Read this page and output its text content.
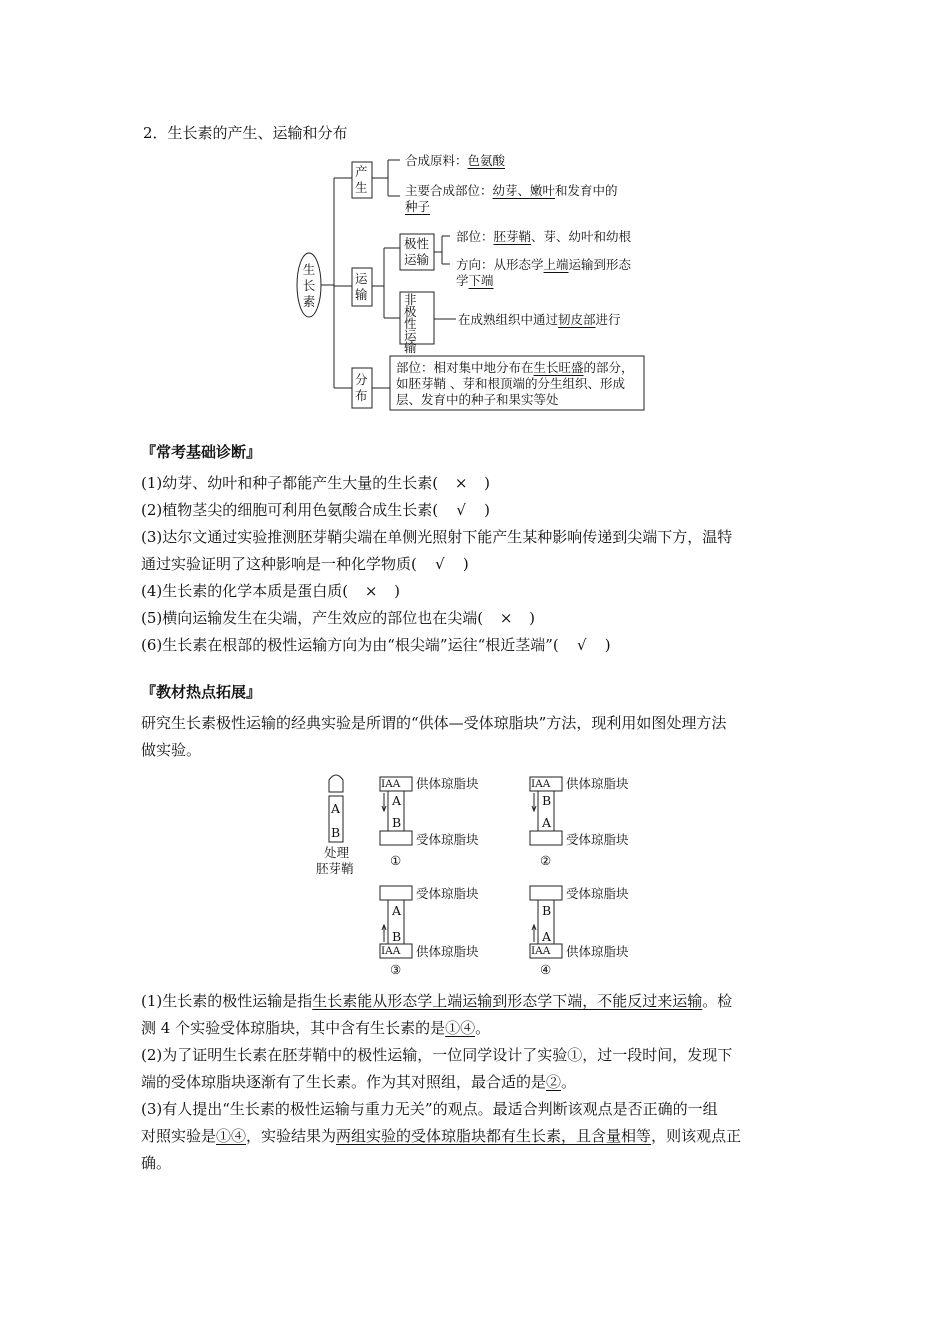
2．生长素的产生、运输和分布
生长素
产生
合成原料：色氨酸
主要合成部位：幼芽、嫩叶和发育中的
种子
运输
极性运输
非极性运输
部位：胚芽鞘、芽、幼叶和幼根
方向：从形态学上端运输到形态
学下端
在成熟组织中通过韧皮部进行
分布
部位：相对集中地分布在生长旺盛的部分，
如胚芽鞘 、芽和根顶端的分生组织、形成
层、发育中的种子和果实等处
『常考基础诊断』
(1)幼芽、幼叶和种子都能产生大量的生长素( × )
(2)植物茎尖的细胞可利用色氨酸合成生长素( √ )
(3)达尔文通过实验推测胚芽鞘尖端在单侧光照射下能产生某种影响传递到尖端下方，温特
通过实验证明了这种影响是一种化学物质( √ )
(4)生长素的化学本质是蛋白质( × )
(5)横向运输发生在尖端，产生效应的部位也在尖端( × )
(6)生长素在根部的极性运输方向为由“根尖端”运往“根近茎端”( √ )
『教材热点拓展』
研究生长素极性运输的经典实验是所谓的“供体—受体琼脂块”方法，现利用如图处理方法
做实验。
A
B
处理
胚芽鞘
IAA 供体琼脂块
A
B
受体琼脂块
①
IAA 供体琼脂块
B
A
受体琼脂块
②
受体琼脂块
A
B
IAA 供体琼脂块
③
受体琼脂块
B
A
IAA 供体琼脂块
④
(1)生长素的极性运输是指生长素能从形态学上端运输到形态学下端，不能反过来运输。检
测 4 个实验受体琼脂块，其中含有生长素的是①④。
(2)为了证明生长素在胚芽鞘中的极性运输，一位同学设计了实验①，过一段时间，发现下
端的受体琼脂块逐渐有了生长素。作为其对照组，最合适的是②。
(3)有人提出“生长素的极性运输与重力无关”的观点。最适合判断该观点是否正确的一组
对照实验是①④，实验结果为两组实验的受体琼脂块都有生长素，且含量相等，则该观点正
确。
